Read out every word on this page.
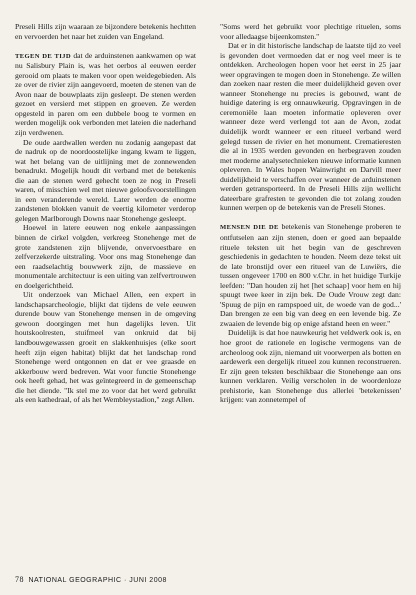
Preseli Hills zijn waaraan ze bijzondere betekenis hechtten en vervoerden het naar het zuiden van Engeland.

TEGEN DE TIJD dat de arduinstenen aankwamen op wat nu Salisbury Plain is, was het oerbos al eeuwen eerder gerooid om plaats te maken voor open weidegebieden. Als ze over de rivier zijn aangevoerd, moeten de stenen van de Avon naar de bouwplaats zijn gesleept. De stenen werden gezoet en versierd met stippen en groeven. Ze werden opgesteld in paren om een dubbele boog te vormen en werden mogelijk ook verbonden met lateien die naderhand zijn verdwenen.

De oude aardwallen werden nu zodanig aangepast dat de nadruk op de noordoostelijke ingang kwam te liggen, wat het belang van de uitlijning met de zonnewenden benadrukt. Mogelijk houdt dit verband met de betekenis die aan de stenen werd gehecht toen ze nog in Preseli waren, of misschien wel met nieuwe geloofsvoorstellingen in een veranderende wereld. Later werden de enorme zandstenen blokken vanuit de veertig kilometer verderop gelegen Marlborough Downs naar Stonehenge gesleept.

Hoewel in latere eeuwen nog enkele aanpassingen binnen de cirkel volgden, verkreeg Stonehenge met de grote zandstenen zijn blijvende, onvervoestbare en zelfverzekerde uitstraling. Voor ons mag Stonehenge dan een raadselachtig bouwwerk zijn, de massieve en monumentale architectuur is een uiting van zelfvertrouwen en doelgerichtheid.

Uit onderzoek van Michael Allen, een expert in landschapsarcheologie, blijkt dat tijdens de vele eeuwen durende bouw van Stonehenge mensen in de omgeving gewoon doorgingen met hun dagelijks leven. Uit houtskoolresten, stuifmeel van onkruid dat bij landbouwgewassen groeit en slakkenhuisjes (elke soort heeft zijn eigen habitat) blijkt dat het landschap rond Stonehenge werd ontgonnen en dat er vee graasde en akkerbouw werd bedreven. Wat voor functie Stonehenge ook heeft gehad, het was geïntegreerd in de gemeenschap die het diende. "Ik stel me zo voor dat het werd gebruikt als een kathedraal, of als het Wembleystadion," zegt Allen.

"Soms werd het gebruikt voor plechtige rituelen, soms voor alledaagse bijeenkomsten."

Dat er in dit historische landschap de laatste tijd zo veel is gevonden doet vermoeden dat er nog veel meer is te ontdekken. Archeologen hopen voor het eerst in 25 jaar weer opgravingen te mogen doen in Stonehenge. Ze willen dan zoeken naar resten die meer duidelijkheid geven over wanneer Stonehenge nu precies is gebouwd, want de huidige datering is erg onnauwkeurig. Opgravingen in de ceremoniële laan moeten informatie opleveren over wanneer deze werd verlengd tot aan de Avon, zodat duidelijk wordt wanneer er een ritueel verband werd gelegd tussen de rivier en het monument. Crematieresten die al in 1935 werden gevonden en herbegraven zouden met moderne analysetechnieken nieuwe informatie kunnen opleveren. In Wales hopen Wainwright en Darvill meer duidelijkheid te verschaffen over wanneer de arduinstenen werden getransporteerd. In de Preseli Hills zijn wellicht dateerbare grafresten te gevonden die tot zolang zouden kunnen werpen op de betekenis van de Preseli Stones.

MENSEN DIE DE betekenis van Stonehenge proberen te ontfutselen aan zijn stenen, doen er goed aan bepaalde rituele teksten uit het begin van de geschreven geschiedenis in gedachten te houden. Neem deze tekst uit de late bronstijd over een ritueel van de Luwiërs, die tussen ongeveer 1700 en 800 v.Chr. in het huidige Turkije leefden: "Dan houden zij het [het schaap] voor hem en hij spuugt twee keer in zijn bek. De Oude Vrouw zegt dan: 'Spuug de pijn en rampspoed uit, de woede van de god...' Dan brengen ze een big van deeg en een levende big. Ze zwaaien de levende big op enige afstand heen en weer."

Duidelijk is dat hoe nauwkeurig het veldwerk ook is, en hoe groot de rationele en logische vermogens van de archeoloog ook zijn, niemand uit voorwerpen als botten en aardewerk een dergelijk ritueel zou kunnen reconstrueren. Er zijn geen teksten beschikbaar die Stonehenge aan ons kunnen verklaren. Veilig verscholen in de woordenloze prehistorie, kan Stonehenge dus allerlei 'betekenissen' krijgen: van zonnetempel of

78 NATIONAL GEOGRAPHIC · JUNI 2008
